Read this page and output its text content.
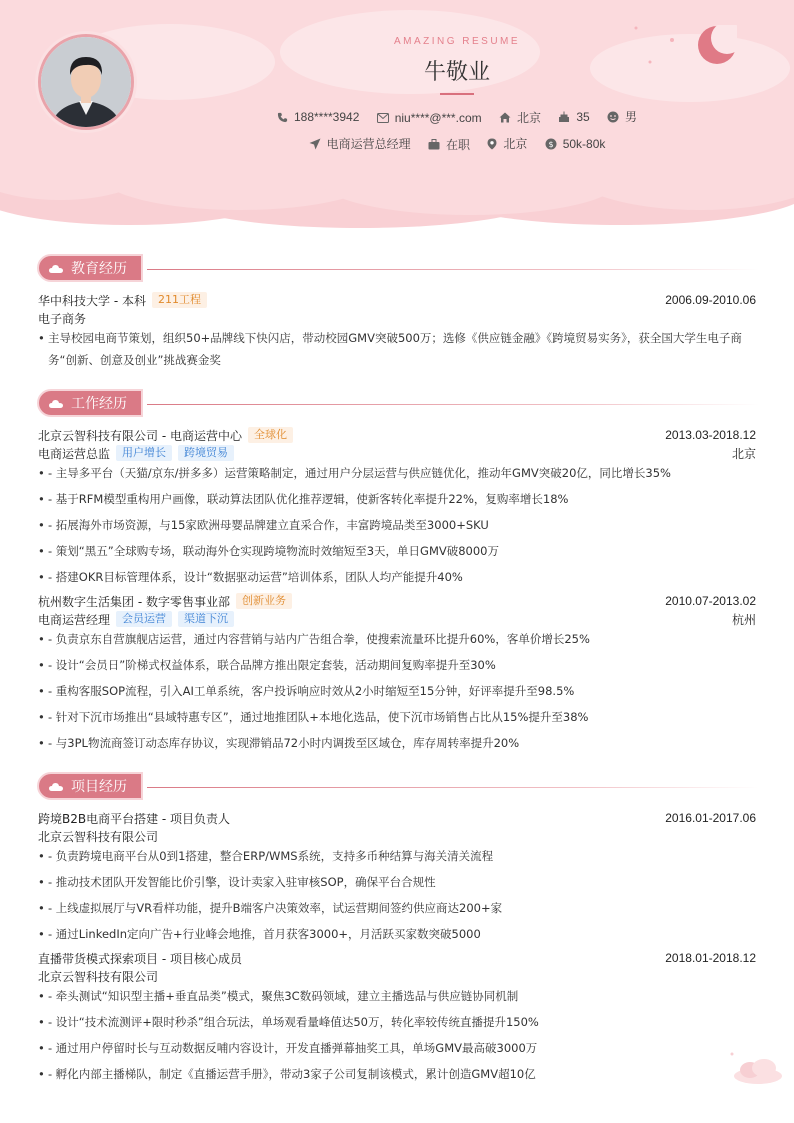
AMAZING RESUME
牛敬业
188****3942
	niu****@***.com
	北京
	35
	男
电商运营总经理
	在职
	北京
	$ 50k-80k
教育经历
华中科技大学 - 本科	211工程	2006.09-2010.06
电子商务
• 主导校园电商节策划，组织50+品牌线下快闪店，带动校园GMV突破500万；选修《供应链金融》《跨境贸易实务》，获全国大学生电子商务“创新、创意及创业”挑战赛金奖
工作经历
北京云智科技有限公司 - 电商运营中心	全球化	2013.03-2018.12
电商运营总监	用户增长	跨境贸易	北京
• - 主导多平台（天猫/京东/拼多多）运营策略制定，通过用户分层运营与供应链优化，推动年GMV突破20亿，同比增长35%
• - 基于RFM模型重构用户画像，联动算法团队优化推荐逻辑，使新客转化率提升22%，复购率增长18%
• - 拓展海外市场资源，与15家欧洲母婴品牌建立直采合作，丰富跨境品类至3000+SKU
• - 策划“黑五”全球购专场，联动海外仓实现跨境物流时效缩短至3天，单日GMV破8000万
• - 搭建OKR目标管理体系，设计“数据驱动运营”培训体系，团队人均产能提升40%
杭州数字生活集团 - 数字零售事业部	创新业务	2010.07-2013.02
电商运营经理	会员运营	渠道下沉	杭州
• - 负责京东自营旗舰店运营，通过内容营销与站内广告组合拳，使搜索流量环比提升60%，客单价增长25%
• - 设计“会员日”阶梯式权益体系，联合品牌方推出限定套装，活动期间复购率提升至30%
• - 重构客服SOP流程，引入AI工单系统，客户投诉响应时效从2小时缩短至15分钟，好评率提升至98.5%
• - 针对下沉市场推出“县域特惠专区”，通过地推团队+本地化选品，使下沉市场销售占比从15%提升至38%
• - 与3PL物流商签订动态库存协议，实现滞销品72小时内调拨至区域仓，库存周转率提升20%
项目经历
跨境B2B电商平台搭建 - 项目负责人	2016.01-2017.06
北京云智科技有限公司
• - 负责跨境电商平台从0到1搭建，整合ERP/WMS系统，支持多币种结算与海关清关流程
• - 推动技术团队开发智能比价引擎，设计卖家入驻审核SOP，确保平台合规性
• - 上线虚拟展厅与VR看样功能，提升B端客户决策效率，试运营期间签约供应商达200+家
• - 通过LinkedIn定向广告+行业峰会地推，首月获客3000+，月活跃买家数突破5000
直播带货模式探索项目 - 项目核心成员	2018.01-2018.12
北京云智科技有限公司
• - 牵头测试“知识型主播+垂直品类”模式，聚焦3C数码领域，建立主播选品与供应链协同机制
• - 设计“技术流测评+限时秒杀”组合玩法，单场观看量峰值达50万，转化率较传统直播提升150%
• - 通过用户停留时长与互动数据反哺内容设计，开发直播弹幕抽奖工具，单场GMV最高破3000万
• - 孵化内部主播梯队，制定《直播运营手册》，带动3家子公司复制该模式，累计创造GMV超10亿
